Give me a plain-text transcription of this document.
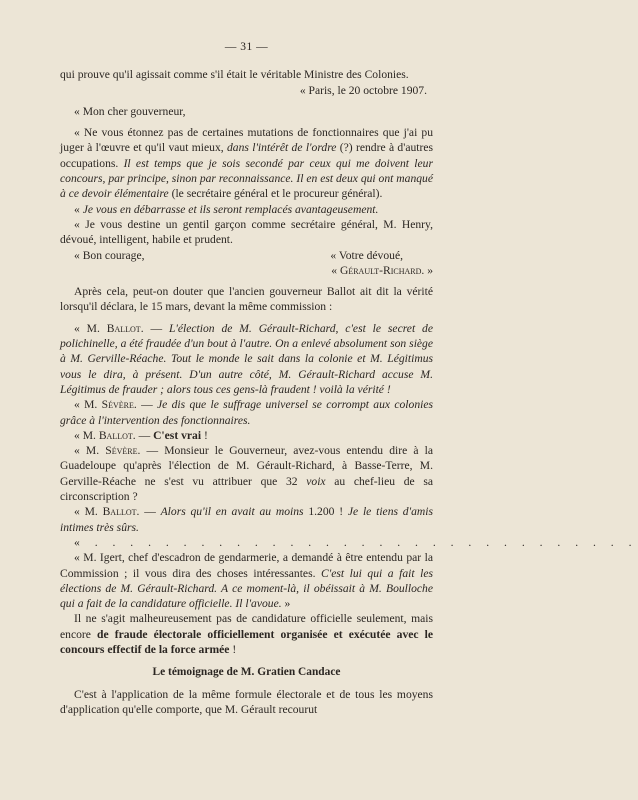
— 31 —

qui prouve qu'il agissait comme s'il était le véritable Ministre des Colonies.

« Paris, le 20 octobre 1907.

« Mon cher gouverneur,

« Ne vous étonnez pas de certaines mutations de fonctionnaires que j'ai pu juger à l'œuvre et qu'il vaut mieux, dans l'intérêt de l'ordre (?) rendre à d'autres occupations. Il est temps que je sois secondé par ceux qui me doivent leur concours, par principe, sinon par reconnaissance. Il en est deux qui ont manqué à ce devoir élémentaire (le secrétaire général et le procureur général).

« Je vous en débarrasse et ils seront remplacés avantageusement.

« Je vous destine un gentil garçon comme secrétaire général, M. Henry, dévoué, intelligent, habile et prudent.

« Bon courage,	« Votre dévoué,

« Gérault-Richard. »

Après cela, peut-on douter que l'ancien gouverneur Ballot ait dit la vérité lorsqu'il déclara, le 15 mars, devant la même commission :

« M. Ballot. — L'élection de M. Gérault-Richard, c'est le secret de polichinelle, a été fraudée d'un bout à l'autre. On a enlevé absolument son siège à M. Gerville-Réache. Tout le monde le sait dans la colonie et M. Légitimus vous le dira, à présent. D'un autre côté, M. Gérault-Richard accuse M. Légitimus de frauder ; alors tous ces gens-là fraudent ! voilà la vérité !

« M. Sévère. — Je dis que le suffrage universel se corrompt aux colonies grâce à l'intervention des fonctionnaires.

« M. Ballot. — C'est vrai !

« M. Sévère. — Monsieur le Gouverneur, avez-vous entendu dire à la Guadeloupe qu'après l'élection de M. Gérault-Richard, à Basse-Terre, M. Gerville-Réache ne s'est vu attribuer que 32 voix au chef-lieu de sa circonscription ?

« M. Ballot. — Alors qu'il en avait au moins 1.200 ! Je le tiens d'amis intimes très sûrs.

« . . . . . . . . . . . . . . . . . . . . . . . . . . . . . . .

« M. Igert, chef d'escadron de gendarmerie, a demandé à être entendu par la Commission ; il vous dira des choses intéressantes. C'est lui qui a fait les élections de M. Gérault-Richard. A ce moment-là, il obéissait à M. Boulloche qui a fait de la candidature officielle. Il l'avoue. »

Il ne s'agit malheureusement pas de candidature officielle seulement, mais encore de fraude électorale officiellement organisée et exécutée avec le concours effectif de la force armée !

Le témoignage de M. Gratien Candace

C'est à l'application de la même formule électorale et de tous les moyens d'application qu'elle comporte, que M. Gérault recourut
